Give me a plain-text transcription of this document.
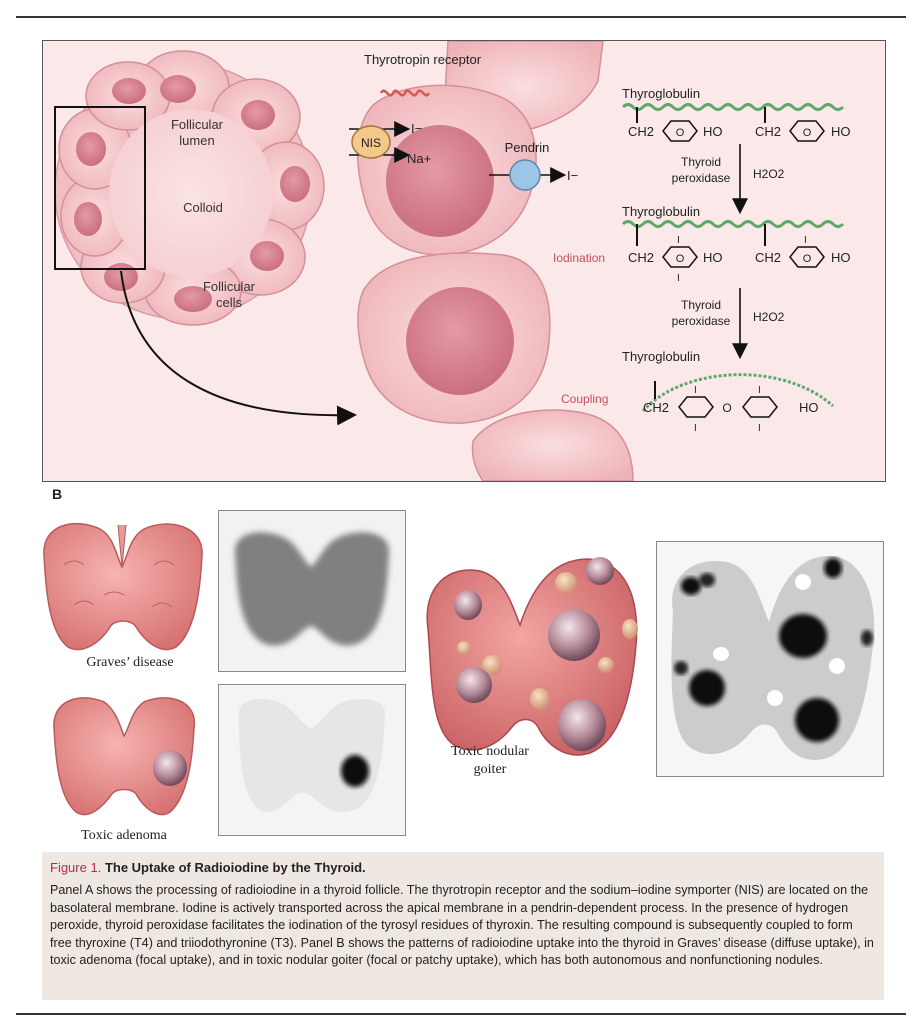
Follicular
lumen
Colloid
Follicular
cells
Thyrotropin receptor
NIS
I−
Na+
Pendrin
I−
Thyroglobulin
CH2 O HO	CH2 O HO
Thyroid
peroxidase H2O2
Thyroglobulin
Iodination CH2 O
I
I
HO	CH2 O
I
HO
Thyroid
peroxidase H2O2
Thyroglobulin
Coupling
CH2
I
I
O
I
I
HO
B
Graves’ disease
Toxic adenoma
Toxic nodular
goiter
Figure 1. The Uptake of Radioiodine by the Thyroid.
Panel A shows the processing of radioiodine in a thyroid follicle. The thyrotropin receptor and the sodium–iodine symporter (NIS) are located on the basolateral membrane. Iodine is actively transported across the apical membrane in a pendrin-dependent process. In the presence of hydrogen peroxide, thyroid peroxidase facilitates the iodination of the tyrosyl residues of thyroxin. The resulting compound is subsequently coupled to form free thyroxine (T4) and triiodothyronine (T3). Panel B shows the patterns of radioiodine uptake into the thyroid in Graves’ disease (diffuse uptake), in toxic adenoma (focal uptake), and in toxic nodular goiter (focal or patchy uptake), which has both autonomous and nonfunctioning nodules.
